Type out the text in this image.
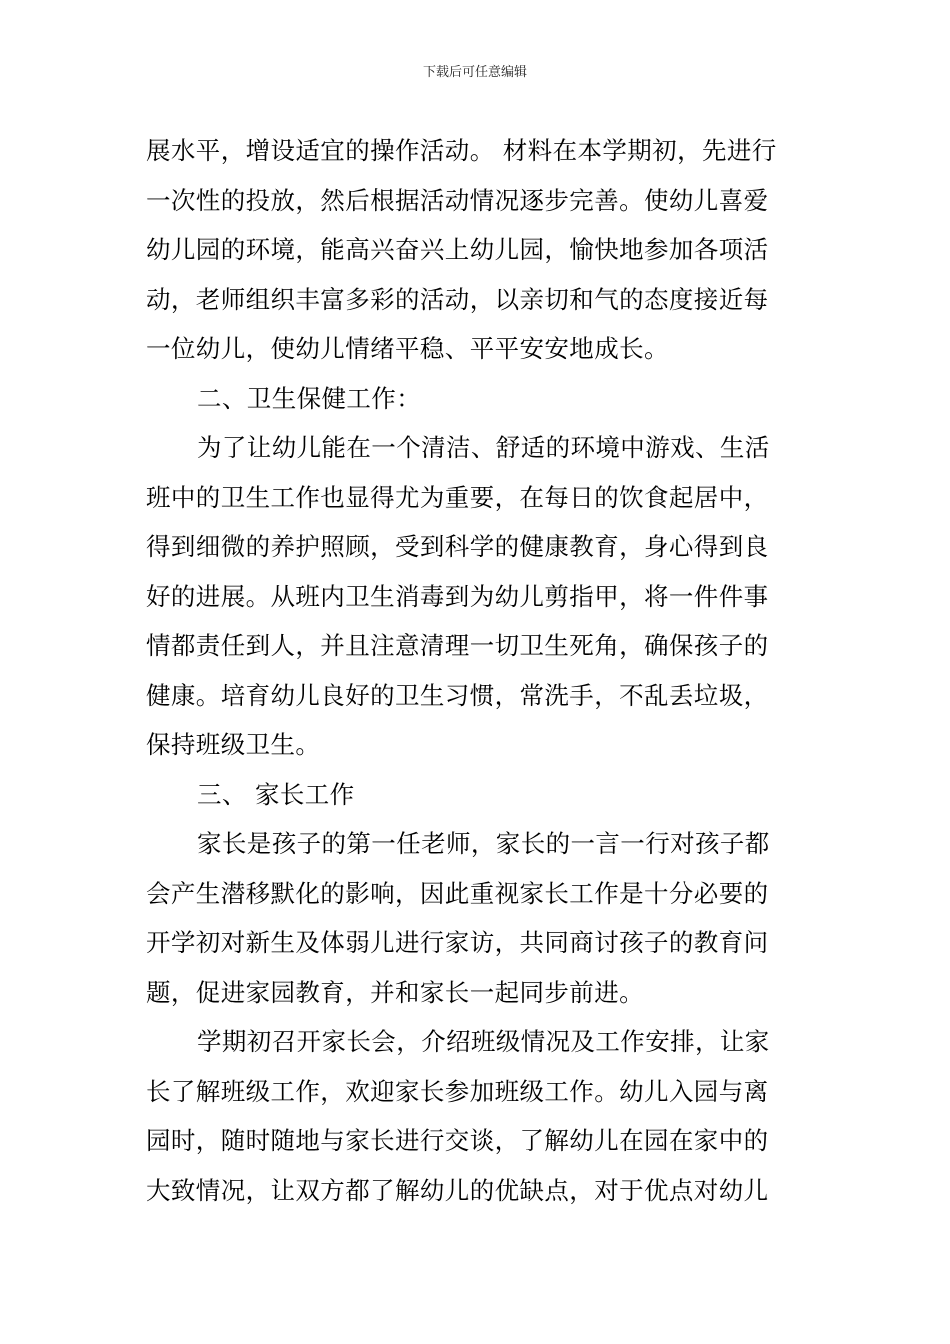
下载后可任意编辑
展水平，增设适宜的操作活动。 材料在本学期初，先进行
一次性的投放，然后根据活动情况逐步完善。使幼儿喜爱
幼儿园的环境，能高兴奋兴上幼儿园，愉快地参加各项活
动，老师组织丰富多彩的活动，以亲切和气的态度接近每
一位幼儿，使幼儿情绪平稳、平平安安地成长。
二、卫生保健工作：
为了让幼儿能在一个清洁、舒适的环境中游戏、生活
班中的卫生工作也显得尤为重要，在每日的饮食起居中，
得到细微的养护照顾，受到科学的健康教育，身心得到良
好的进展。从班内卫生消毒到为幼儿剪指甲，将一件件事
情都责任到人，并且注意清理一切卫生死角，确保孩子的
健康。培育幼儿良好的卫生习惯，常洗手，不乱丢垃圾，
保持班级卫生。
三、 家长工作
家长是孩子的第一任老师，家长的一言一行对孩子都
会产生潜移默化的影响，因此重视家长工作是十分必要的
开学初对新生及体弱儿进行家访，共同商讨孩子的教育问
题，促进家园教育，并和家长一起同步前进。
学期初召开家长会，介绍班级情况及工作安排，让家
长了解班级工作，欢迎家长参加班级工作。幼儿入园与离
园时，随时随地与家长进行交谈，了解幼儿在园在家中的
大致情况，让双方都了解幼儿的优缺点，对于优点对幼儿
